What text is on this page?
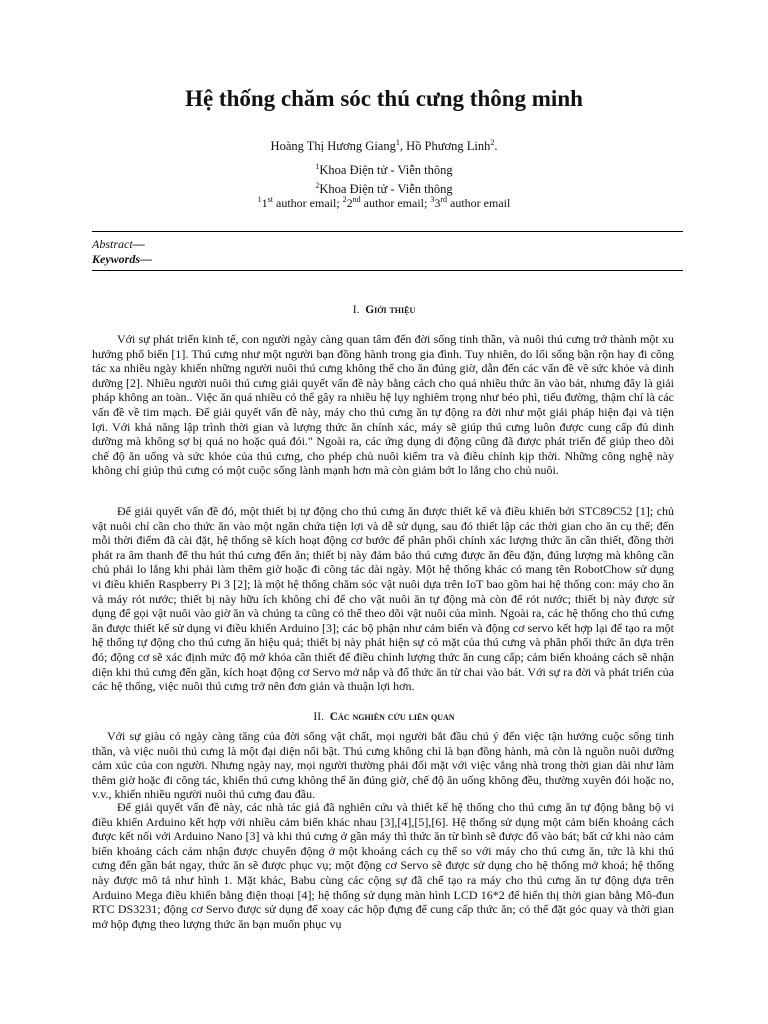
Hệ thống chăm sóc thú cưng thông minh
Hoàng Thị Hương Giang$^1$, Hồ Phương Linh$^2$.
$^1$Khoa Điện tử - Viễn thông
$^2$Khoa Điện tử - Viễn thông
$^1$1st author email; $^2$2nd author email; $^3$3rd author email
Abstract—
Keywords—
I. Giới thiệu

Với sự phát triển kinh tế, con người ngày càng quan tâm đến đời sống tinh thần, và nuôi thú cưng trở thành một xu hướng phổ biến [1]. Thú cưng như một người bạn đồng hành trong gia đình. Tuy nhiên, do lối sống bận rộn hay đi công tác xa nhiều ngày khiến những người nuôi thú cưng không thể cho ăn đúng giờ, dẫn đến các vấn đề về sức khỏe và dinh dưỡng [2]. Nhiều người nuôi thú cưng giải quyết vấn đề này bằng cách cho quá nhiều thức ăn vào bát, nhưng đây là giải pháp không an toàn.. Việc ăn quá nhiều có thể gây ra nhiều hệ lụy nghiêm trọng như béo phì, tiểu đường, thậm chí là các vấn đề về tim mạch. Để giải quyết vấn đề này, máy cho thú cưng ăn tự động ra đời như một giải pháp hiện đại và tiện lợi. Với khả năng lập trình thời gian và lượng thức ăn chính xác, máy sẽ giúp thú cưng luôn được cung cấp đủ dinh dưỡng mà không sợ bị quá no hoặc quá đói." Ngoài ra, các ứng dụng di động cũng đã được phát triển để giúp theo dõi chế độ ăn uống và sức khỏe của thú cưng, cho phép chủ nuôi kiểm tra và điều chỉnh kịp thời. Những công nghệ này không chỉ giúp thú cưng có một cuộc sống lành mạnh hơn mà còn giảm bớt lo lắng cho chủ nuôi.

Để giải quyết vấn đề đó, một thiết bị tự động cho thú cưng ăn được thiết kế và điều khiển bởi STC89C52 [1]; chủ vật nuôi chỉ cần cho thức ăn vào một ngăn chứa tiện lợi và dễ sử dụng, sau đó thiết lập các thời gian cho ăn cụ thể; đến mỗi thời điểm đã cài đặt, hệ thống sẽ kích hoạt động cơ bước để phân phối chính xác lượng thức ăn cần thiết, đồng thời phát ra âm thanh để thu hút thú cưng đến ăn; thiết bị này đảm bảo thú cưng được ăn đều đặn, đúng lượng mà không cần chủ phải lo lắng khi phải làm thêm giờ hoặc đi công tác dài ngày. Một hệ thống khác có mang tên RobotChow sử dụng vi điều khiển Raspberry Pi 3 [2]; là một hệ thống chăm sóc vật nuôi dựa trên IoT bao gồm hai hệ thống con: máy cho ăn và máy rót nước; thiết bị này hữu ích không chỉ để cho vật nuôi ăn tự động mà còn để rót nước; thiết bị này được sử dụng để gọi vật nuôi vào giờ ăn và chúng ta cũng có thể theo dõi vật nuôi của mình. Ngoài ra, các hệ thống cho thú cưng ăn được thiết kế sử dụng vi điều khiển Arduino [3]; các bộ phận như cảm biến và động cơ servo kết hợp lại để tạo ra một hệ thống tự động cho thú cưng ăn hiệu quả; thiết bị này phát hiện sự có mặt của thú cưng và phân phối thức ăn dựa trên đó; động cơ sẽ xác định mức độ mở khóa cần thiết để điều chỉnh lượng thức ăn cung cấp; cảm biến khoảng cách sẽ nhận diện khi thú cưng đến gần, kích hoạt động cơ Servo mở nắp và đổ thức ăn từ chai vào bát. Với sự ra đời và phát triển của các hệ thống, việc nuôi thú cưng trở nên đơn giản và thuận lợi hơn.

II. Các nghiên cứu liên quan

Với sự giàu có ngày càng tăng của đời sống vật chất, mọi người bắt đầu chú ý đến việc tận hưởng cuộc sống tinh thần, và việc nuôi thú cưng là một đại diện nổi bật. Thú cưng không chỉ là bạn đồng hành, mà còn là nguồn nuôi dưỡng cảm xúc của con người. Nhưng ngày nay, mọi người thường phải đối mặt với việc vắng nhà trong thời gian dài như làm thêm giờ hoặc đi công tác, khiến thú cưng không thể ăn đúng giờ, chế độ ăn uống không đều, thường xuyên đói hoặc no, v.v., khiến nhiều người nuôi thú cưng đau đầu.

Để giải quyết vấn đề này, các nhà tác giả đã nghiên cứu và thiết kế hệ thống cho thú cưng ăn tự động bằng bộ vi điều khiển Arduino kết hợp với nhiều cảm biến khác nhau [3],[4],[5],[6]. Hệ thống sử dụng một cảm biến khoảng cách được kết nối với Arduino Nano [3] và khi thú cưng ở gần máy thì thức ăn từ bình sẽ được đổ vào bát; bất cứ khi nào cảm biến khoảng cách cảm nhận được chuyển động ở một khoảng cách cụ thể so với máy cho thú cưng ăn, tức là khi thú cưng đến gần bát ngay, thức ăn sẽ được phục vụ; một động cơ Servo sẽ được sử dụng cho hệ thống mở khoá; hệ thống này được mô tả như hình 1. Mặt khác, Babu cùng các cộng sự đã chế tạo ra máy cho thú cưng ăn tự động dựa trên Arduino Mega điều khiển bằng điện thoại [4]; hệ thống sử dụng màn hình LCD 16*2 để hiển thị thời gian bằng Mô-đun RTC DS3231; động cơ Servo được sử dụng để xoay các hộp đựng để cung cấp thức ăn; có thể đặt góc quay và thời gian mở hộp đựng theo lượng thức ăn bạn muốn phục vụ
